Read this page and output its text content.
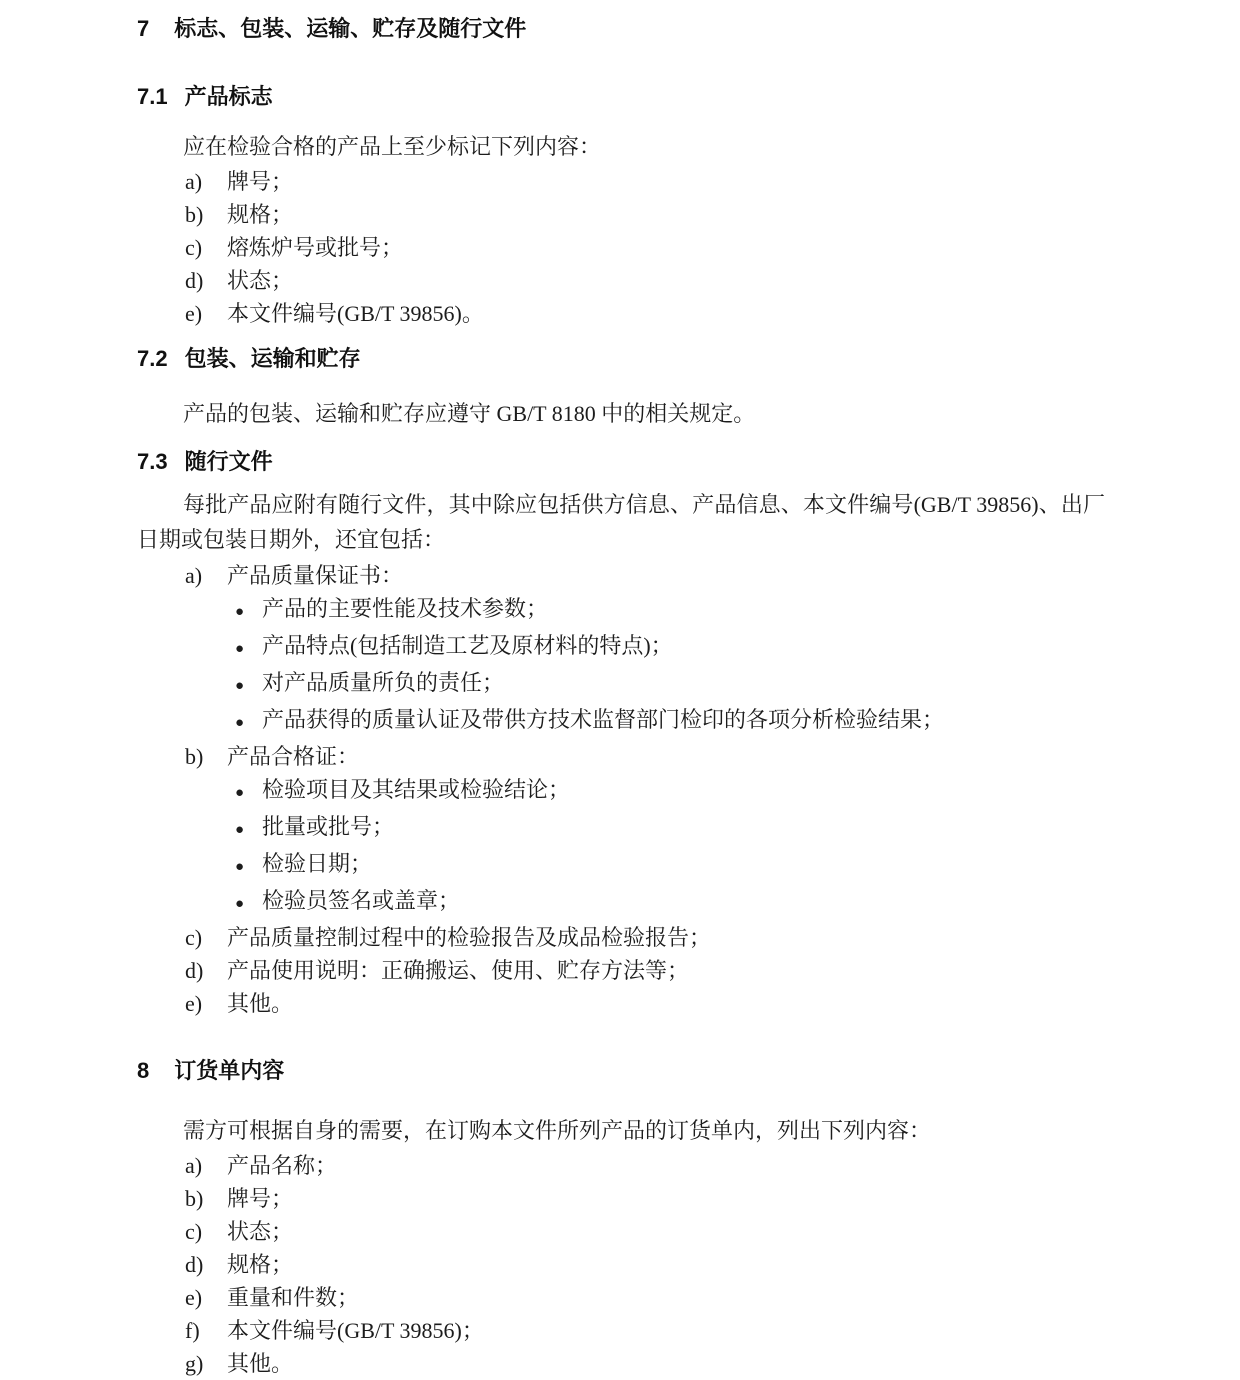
7 标志、包装、运输、贮存及随行文件
7.1 产品标志

应在检验合格的产品上至少标记下列内容：

a)	牌号；
b)	规格；
c)	熔炼炉号或批号；
d)	状态；
e)	本文件编号(GB/T 39856)。
7.2 包装、运输和贮存

产品的包装、运输和贮存应遵守 GB/T 8180 中的相关规定。

7.3 随行文件

每批产品应附有随行文件，其中除应包括供方信息、产品信息、本文件编号(GB/T 39856)、出厂日期或包装日期外，还宜包括：

a)	产品质量保证书：
● 产品的主要性能及技术参数；
● 产品特点(包括制造工艺及原材料的特点)；
● 对产品质量所负的责任；
● 产品获得的质量认证及带供方技术监督部门检印的各项分析检验结果；
b)	产品合格证：
● 检验项目及其结果或检验结论；
● 批量或批号；
● 检验日期；
● 检验员签名或盖章；
c)	产品质量控制过程中的检验报告及成品检验报告；
d)	产品使用说明：正确搬运、使用、贮存方法等；
e)	其他。
8 订货单内容

需方可根据自身的需要，在订购本文件所列产品的订货单内，列出下列内容：

a)	产品名称；
b)	牌号；
c)	状态；
d)	规格；
e)	重量和件数；
f)	本文件编号(GB/T 39856)；
g)	其他。
